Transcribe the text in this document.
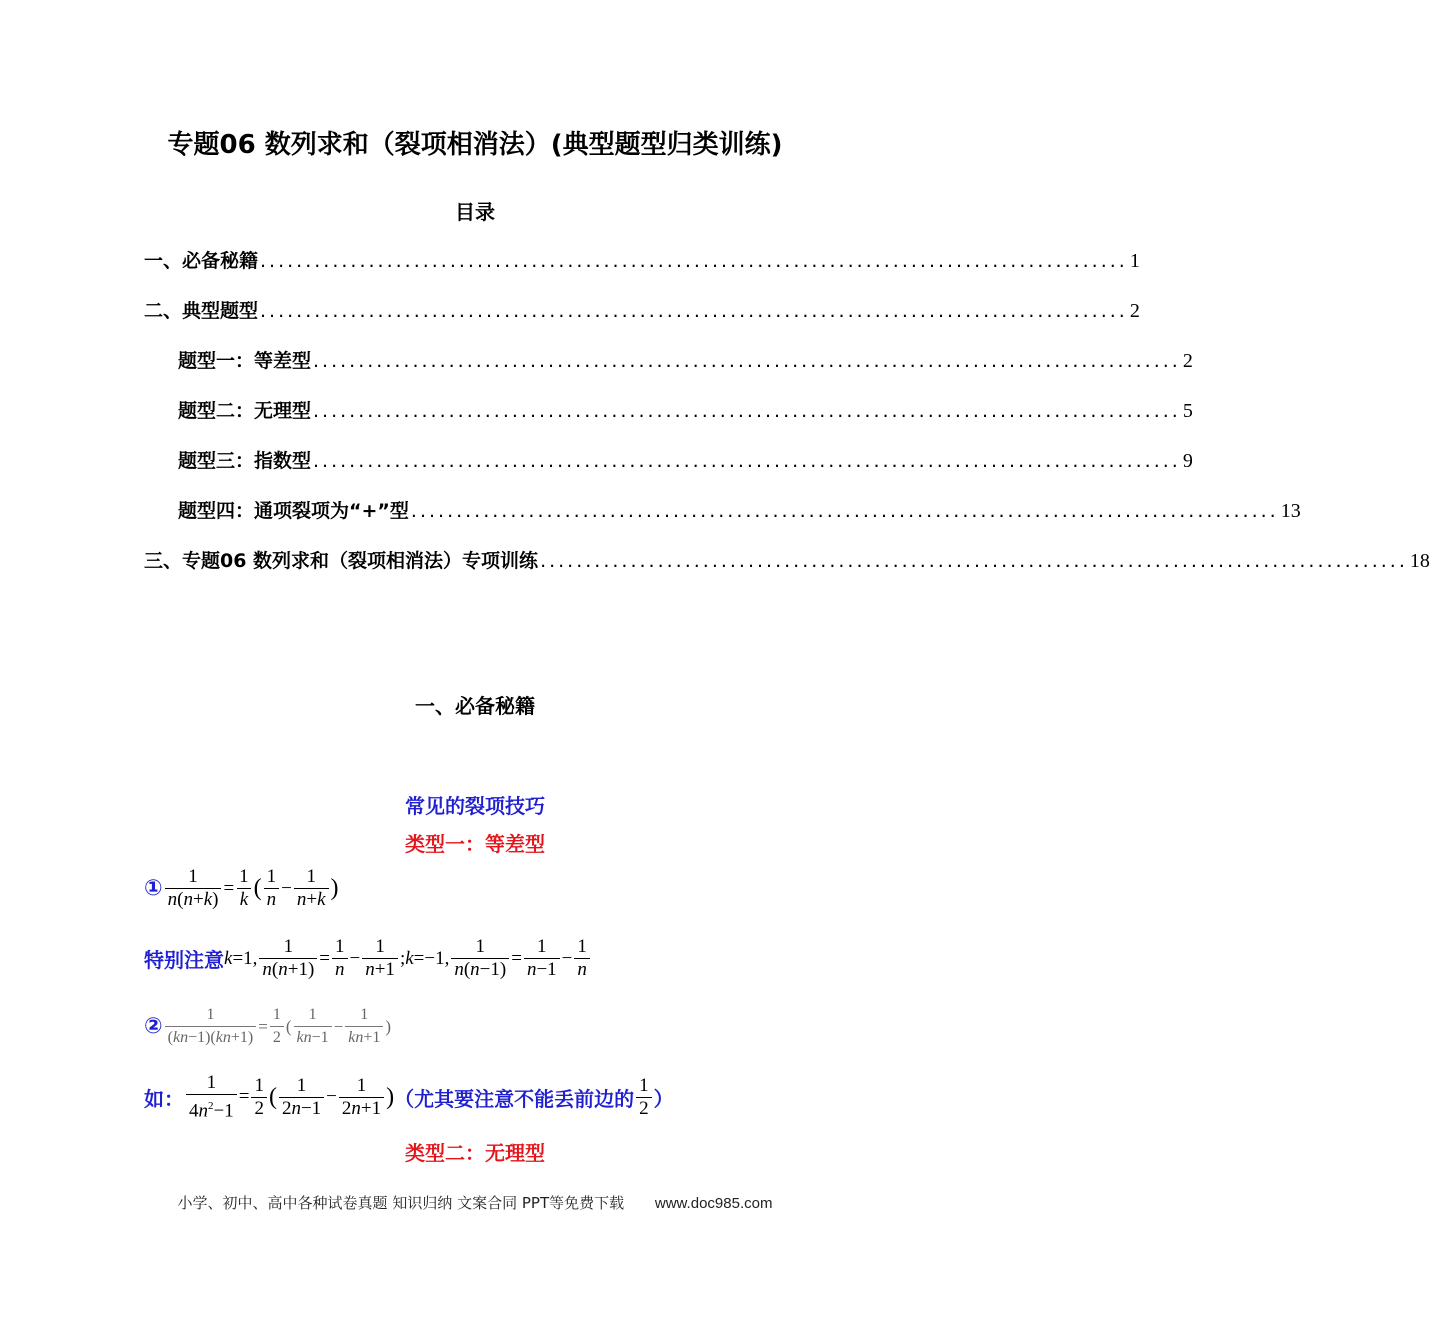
专题06 数列求和（裂项相消法）(典型题型归类训练)
目录
一、必备秘籍 ................................................................................................ 1
二、典型题型 ................................................................................................ 2
题型一：等差型 ................................................................................................ 2
题型二：无理型 ................................................................................................ 5
题型三：指数型 ................................................................................................ 9
题型四：通项裂项为“+”型 ................................................................................................ 13
三、专题06 数列求和（裂项相消法）专项训练 ................................................................................................ 18
一、必备秘籍
常见的裂项技巧
类型一：等差型
① $\frac{1}{n(n+k)} = \frac{1}{k}$ ( $\frac{1}{n} - \frac{1}{n+k}$ )
特别注意 k =1, $\frac{1}{n(n+1)} = \frac{1}{n} - \frac{1}{n+1}$ ; k =−1, $\frac{1}{n(n-1)} = \frac{1}{n-1} - \frac{1}{n}$
② $\frac{1}{(kn-1)(kn+1)} = \frac{1}{2}$ ( $\frac{1}{kn-1} - \frac{1}{kn+1}$ )
如： $\frac{1}{4n^2-1} = \frac{1}{2}$ ( $\frac{1}{2n-1} - \frac{1}{2n+1}$ ) （尤其要注意不能丢前边的 $\frac{1}{2}$ ）
类型二：无理型
小学、初中、高中各种试卷真题 知识归纳 文案合同 PPT等免费下载 www.doc985.com
